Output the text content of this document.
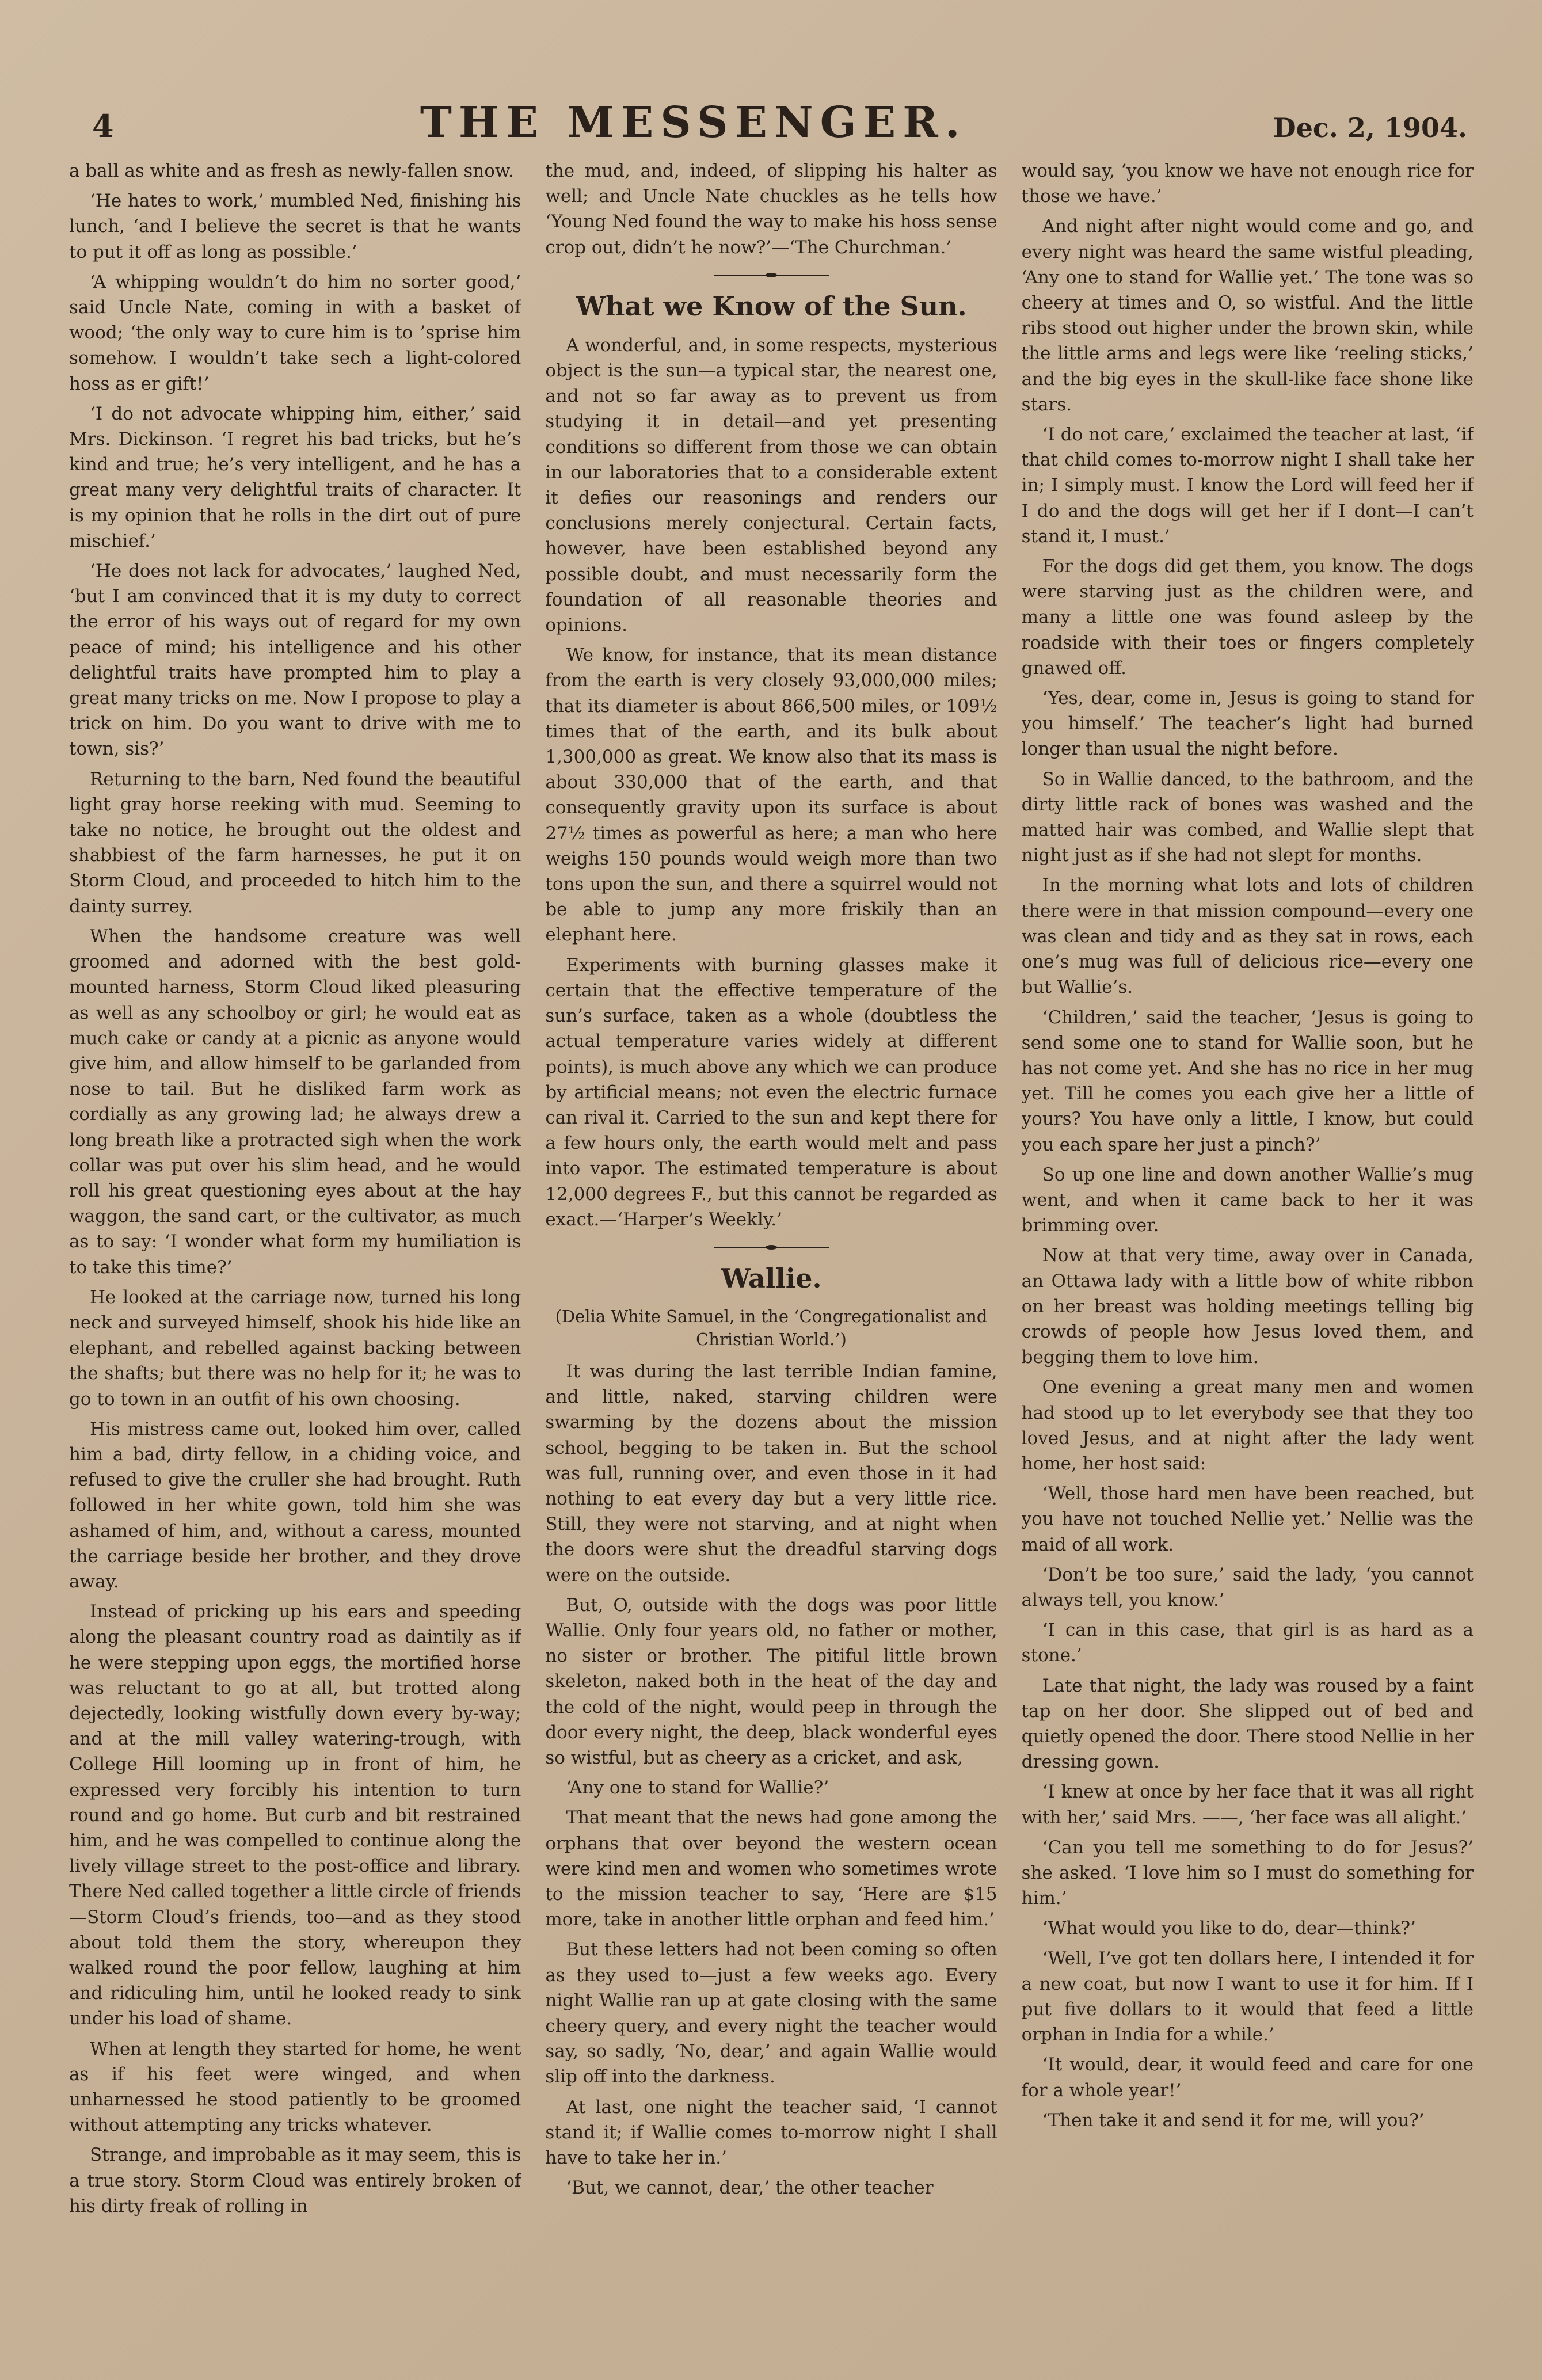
4	THE MESSENGER.	Dec. 2, 1904.

a ball as white and as fresh as newly-fallen snow.

‘He hates to work,’ mumbled Ned, finishing his lunch, ‘and I believe the secret is that he wants to put it off as long as possible.’

‘A whipping wouldn’t do him no sorter good,’ said Uncle Nate, coming in with a basket of wood; ‘the only way to cure him is to ’sprise him somehow. I wouldn’t take sech a light-colored hoss as er gift!’

‘I do not advocate whipping him, either,’ said Mrs. Dickinson. ‘I regret his bad tricks, but he’s kind and true; he’s very intelligent, and he has a great many very delightful traits of character. It is my opinion that he rolls in the dirt out of pure mischief.’

‘He does not lack for advocates,’ laughed Ned, ‘but I am convinced that it is my duty to correct the error of his ways out of regard for my own peace of mind; his intelligence and his other delightful traits have prompted him to play a great many tricks on me. Now I propose to play a trick on him. Do you want to drive with me to town, sis?’

Returning to the barn, Ned found the beautiful light gray horse reeking with mud. Seeming to take no notice, he brought out the oldest and shabbiest of the farm harnesses, he put it on Storm Cloud, and proceeded to hitch him to the dainty surrey.

When the handsome creature was well groomed and adorned with the best gold-mounted harness, Storm Cloud liked pleasuring as well as any schoolboy or girl; he would eat as much cake or candy at a picnic as anyone would give him, and allow himself to be garlanded from nose to tail. But he disliked farm work as cordially as any growing lad; he always drew a long breath like a protracted sigh when the work collar was put over his slim head, and he would roll his great questioning eyes about at the hay waggon, the sand cart, or the cultivator, as much as to say: ‘I wonder what form my humiliation is to take this time?’

He looked at the carriage now, turned his long neck and surveyed himself, shook his hide like an elephant, and rebelled against backing between the shafts; but there was no help for it; he was to go to town in an outfit of his own choosing.

His mistress came out, looked him over, called him a bad, dirty fellow, in a chiding voice, and refused to give the cruller she had brought. Ruth followed in her white gown, told him she was ashamed of him, and, without a caress, mounted the carriage beside her brother, and they drove away.

Instead of pricking up his ears and speeding along the pleasant country road as daintily as if he were stepping upon eggs, the mortified horse was reluctant to go at all, but trotted along dejectedly, looking wistfully down every by-way; and at the mill valley watering-trough, with College Hill looming up in front of him, he expressed very forcibly his intention to turn round and go home. But curb and bit restrained him, and he was compelled to continue along the lively village street to the post-office and library. There Ned called together a little circle of friends—Storm Cloud’s friends, too—and as they stood about told them the story, whereupon they walked round the poor fellow, laughing at him and ridiculing him, until he looked ready to sink under his load of shame.

When at length they started for home, he went as if his feet were winged, and when unharnessed he stood patiently to be groomed without attempting any tricks whatever.

Strange, and improbable as it may seem, this is a true story. Storm Cloud was entirely broken of his dirty freak of rolling in

the mud, and, indeed, of slipping his halter as well; and Uncle Nate chuckles as he tells how ‘Young Ned found the way to make his hoss sense crop out, didn’t he now?’—‘The Churchman.’

What we Know of the Sun.

A wonderful, and, in some respects, mysterious object is the sun—a typical star, the nearest one, and not so far away as to prevent us from studying it in detail—and yet presenting conditions so different from those we can obtain in our laboratories that to a considerable extent it defies our reasonings and renders our conclusions merely conjectural. Certain facts, however, have been established beyond any possible doubt, and must necessarily form the foundation of all reasonable theories and opinions.

We know, for instance, that its mean distance from the earth is very closely 93,000,000 miles; that its diameter is about 866,500 miles, or 109½ times that of the earth, and its bulk about 1,300,000 as great. We know also that its mass is about 330,000 that of the earth, and that consequently gravity upon its surface is about 27½ times as powerful as here; a man who here weighs 150 pounds would weigh more than two tons upon the sun, and there a squirrel would not be able to jump any more friskily than an elephant here.

Experiments with burning glasses make it certain that the effective temperature of the sun’s surface, taken as a whole (doubtless the actual temperature varies widely at different points), is much above any which we can produce by artificial means; not even the electric furnace can rival it. Carried to the sun and kept there for a few hours only, the earth would melt and pass into vapor. The estimated temperature is about 12,000 degrees F., but this cannot be regarded as exact.—‘Harper’s Weekly.’

Wallie.

(Delia White Samuel, in the ‘Congregationalist and Christian World.’)

It was during the last terrible Indian famine, and little, naked, starving children were swarming by the dozens about the mission school, begging to be taken in. But the school was full, running over, and even those in it had nothing to eat every day but a very little rice. Still, they were not starving, and at night when the doors were shut the dreadful starving dogs were on the outside.

But, O, outside with the dogs was poor little Wallie. Only four years old, no father or mother, no sister or brother. The pitiful little brown skeleton, naked both in the heat of the day and the cold of the night, would peep in through the door every night, the deep, black wonderful eyes so wistful, but as cheery as a cricket, and ask,

‘Any one to stand for Wallie?’

That meant that the news had gone among the orphans that over beyond the western ocean were kind men and women who sometimes wrote to the mission teacher to say, ‘Here are $15 more, take in another little orphan and feed him.’

But these letters had not been coming so often as they used to—just a few weeks ago. Every night Wallie ran up at gate closing with the same cheery query, and every night the teacher would say, so sadly, ‘No, dear,’ and again Wallie would slip off into the darkness.

At last, one night the teacher said, ‘I cannot stand it; if Wallie comes to-morrow night I shall have to take her in.’

‘But, we cannot, dear,’ the other teacher

would say, ‘you know we have not enough rice for those we have.’

And night after night would come and go, and every night was heard the same wistful pleading, ‘Any one to stand for Wallie yet.’ The tone was so cheery at times and O, so wistful. And the little ribs stood out higher under the brown skin, while the little arms and legs were like ‘reeling sticks,’ and the big eyes in the skull-like face shone like stars.

‘I do not care,’ exclaimed the teacher at last, ‘if that child comes to-morrow night I shall take her in; I simply must. I know the Lord will feed her if I do and the dogs will get her if I dont—I can’t stand it, I must.’

For the dogs did get them, you know. The dogs were starving just as the children were, and many a little one was found asleep by the roadside with their toes or fingers completely gnawed off.

‘Yes, dear, come in, Jesus is going to stand for you himself.’ The teacher’s light had burned longer than usual the night before.

So in Wallie danced, to the bathroom, and the dirty little rack of bones was washed and the matted hair was combed, and Wallie slept that night just as if she had not slept for months.

In the morning what lots and lots of children there were in that mission compound—every one was clean and tidy and as they sat in rows, each one’s mug was full of delicious rice—every one but Wallie’s.

‘Children,’ said the teacher, ‘Jesus is going to send some one to stand for Wallie soon, but he has not come yet. And she has no rice in her mug yet. Till he comes you each give her a little of yours? You have only a little, I know, but could you each spare her just a pinch?’

So up one line and down another Wallie’s mug went, and when it came back to her it was brimming over.

Now at that very time, away over in Canada, an Ottawa lady with a little bow of white ribbon on her breast was holding meetings telling big crowds of people how Jesus loved them, and begging them to love him.

One evening a great many men and women had stood up to let everybody see that they too loved Jesus, and at night after the lady went home, her host said:

‘Well, those hard men have been reached, but you have not touched Nellie yet.’ Nellie was the maid of all work.

‘Don’t be too sure,’ said the lady, ‘you cannot always tell, you know.’

‘I can in this case, that girl is as hard as a stone.’

Late that night, the lady was roused by a faint tap on her door. She slipped out of bed and quietly opened the door. There stood Nellie in her dressing gown.

‘I knew at once by her face that it was all right with her,’ said Mrs. ——, ‘her face was all alight.’

‘Can you tell me something to do for Jesus?’ she asked. ‘I love him so I must do something for him.’

‘What would you like to do, dear—think?’

‘Well, I’ve got ten dollars here, I intended it for a new coat, but now I want to use it for him. If I put five dollars to it would that feed a little orphan in India for a while.’

‘It would, dear, it would feed and care for one for a whole year!’

‘Then take it and send it for me, will you?’
